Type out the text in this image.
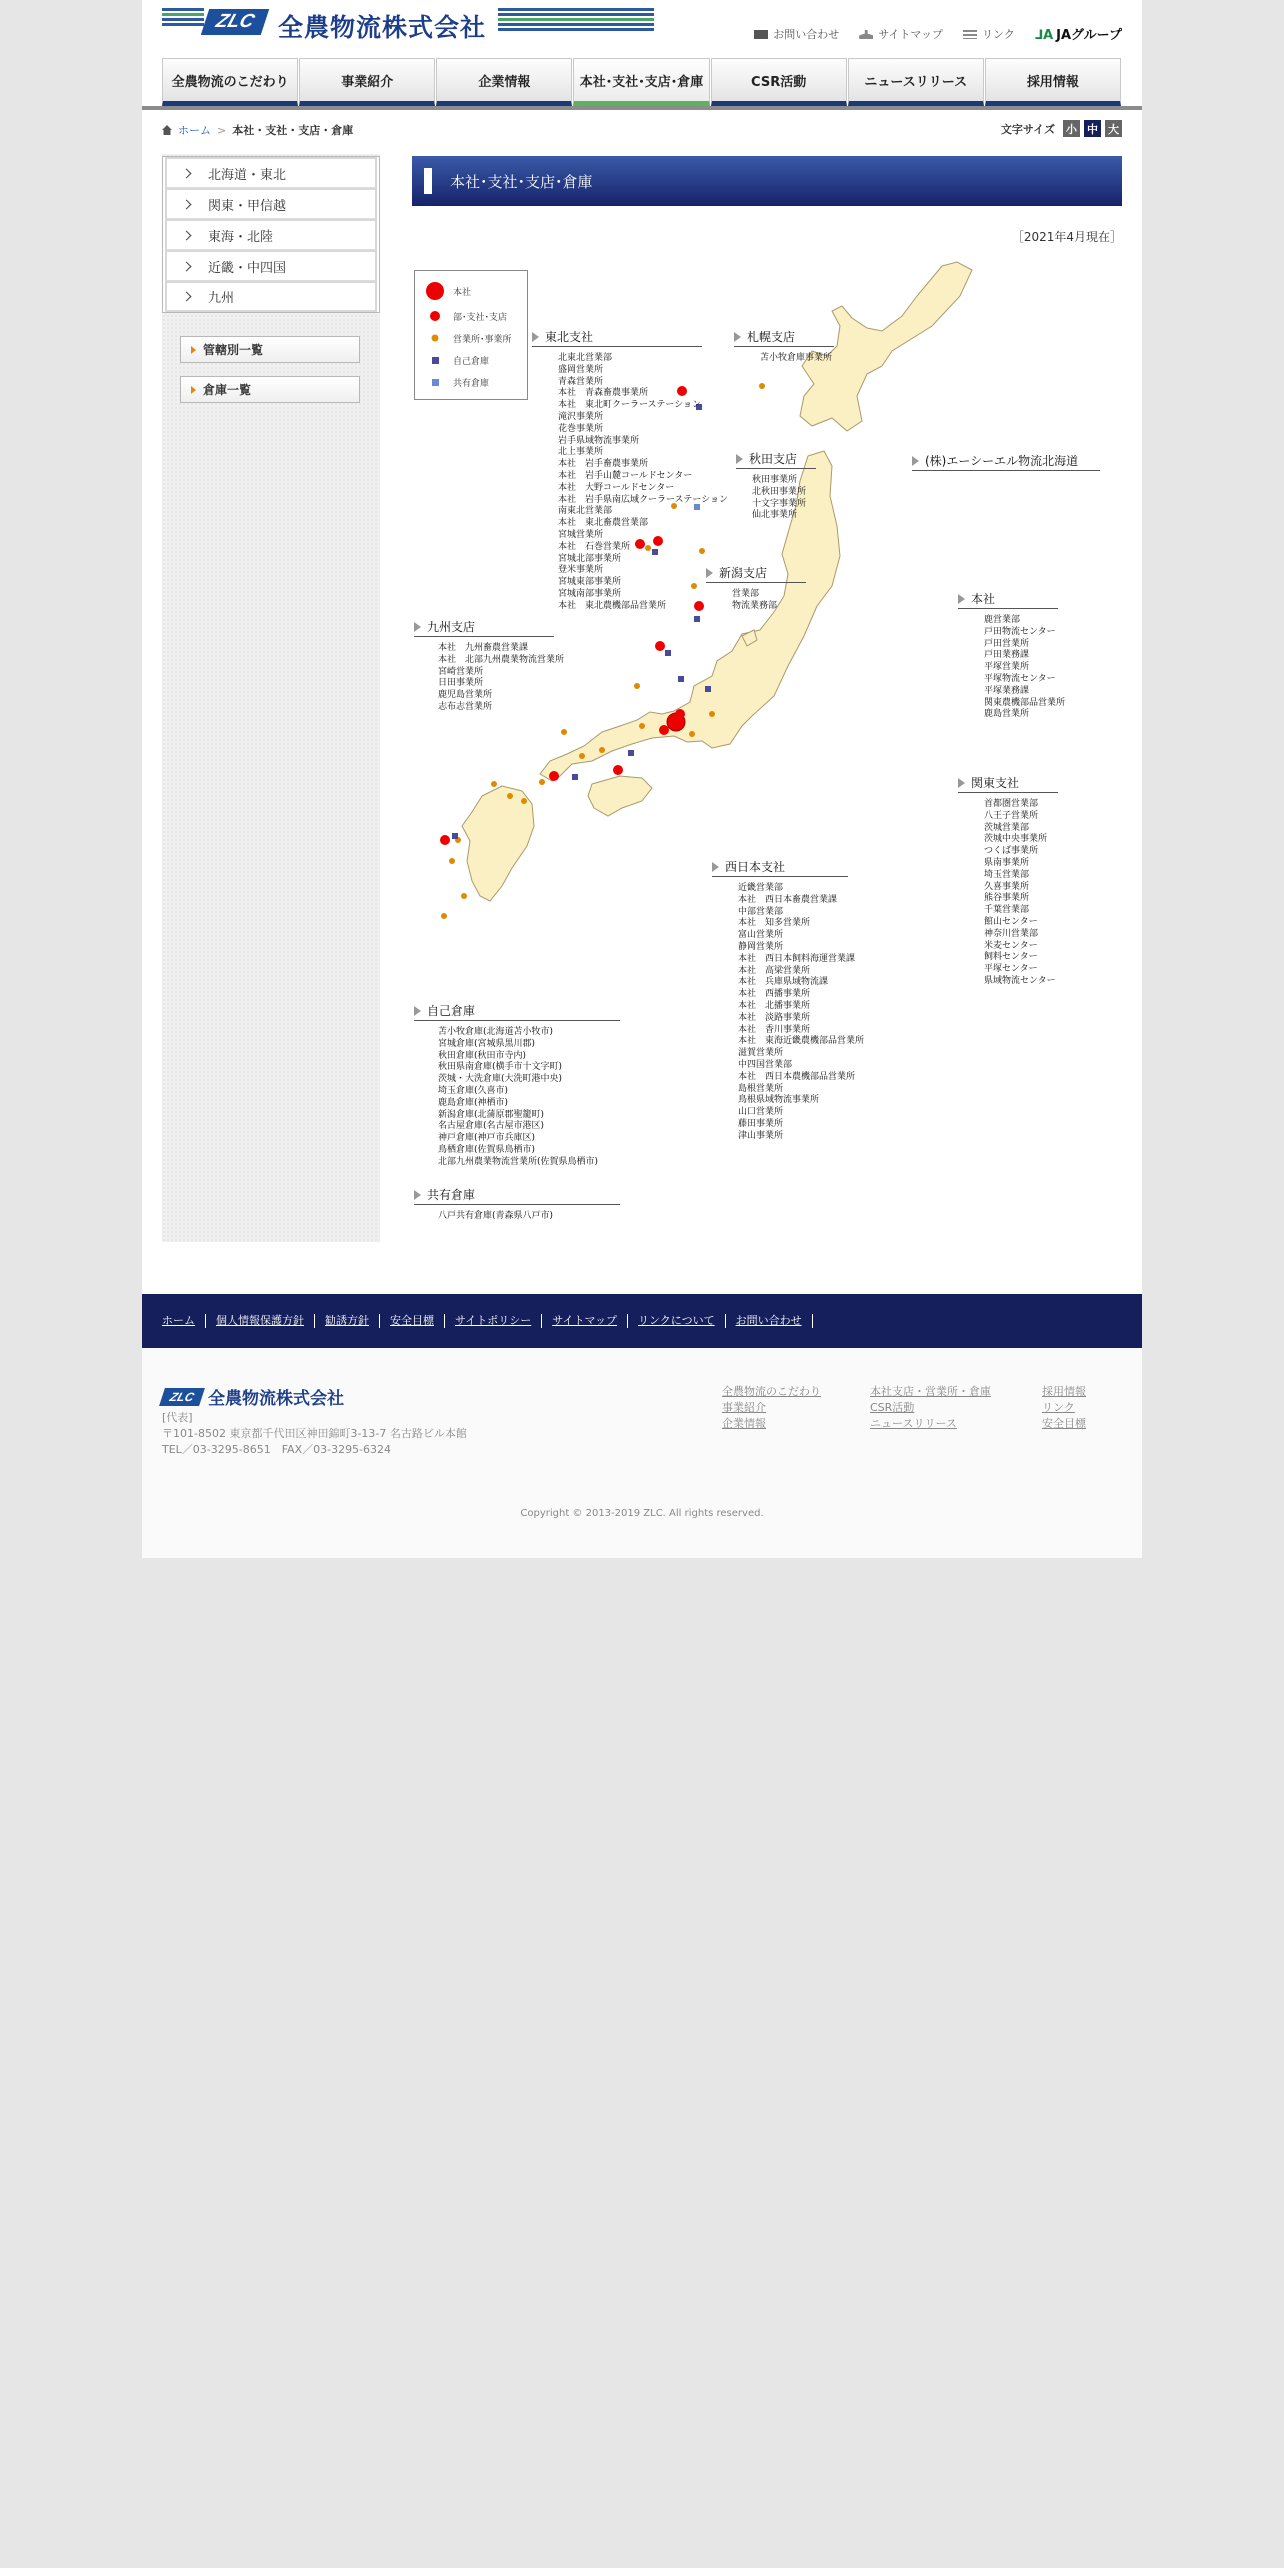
ZLC 全農物流株式会社	お問い合わせ	サイトマップ	リンク ⅃A JAグループ
全農物流のこだわり	事業紹介	企業情報	本社･支社･支店･倉庫	CSR活動	ニュースリリース	採用情報
ホーム > 本社・支社・支店・倉庫	文字サイズ 小 中 大
北海道・東北
関東・甲信越
東海・北陸
近畿・中四国
九州
管轄別一覧
倉庫一覧
本社･支社･支店･倉庫
［2021年4月現在］
本社
部･支社･支店
営業所･事業所
自己倉庫
共有倉庫
東北支社
北東北営業部
盛岡営業所
青森営業所
本社　青森畜農事業所
本社　東北町クーラーステーション
滝沢事業所
花巻事業所
岩手県域物流事業所
北上事業所
本社　岩手畜農事業所
本社　岩手山麓コールドセンター
本社　大野コールドセンター
本社　岩手県南広域クーラーステーション
南東北営業部
本社　東北畜農営業部
宮城営業所
本社　石巻営業所
宮城北部事業所
登米事業所
宮城東部事業所
宮城南部事業所
本社　東北農機部品営業所
札幌支店
苫小牧倉庫事業所
秋田支店
秋田事業所
北秋田事業所
十文字事業所
仙北事業所
(株)エーシーエル物流北海道
新潟支店
営業部
物流業務部	本社
鹿営業部
戸田物流センター
戸田営業所
戸田業務課
平塚営業所
平塚物流センター
平塚業務課
関東農機部品営業所
鹿島営業所
九州支店
本社　九州畜農営業課
本社　北部九州農業物流営業所
宮崎営業所
日田事業所
鹿児島営業所
志布志営業所
関東支社
首都圏営業部
八王子営業所
茨城営業部
茨城中央事業所
つくば事業所
県南事業所
埼玉営業部
久喜事業所
熊谷事業所
千葉営業部
館山センター
神奈川営業部
米麦センター
飼料センター
平塚センター
県域物流センター
西日本支社
近畿営業部
本社　西日本畜農営業課
中部営業部
本社　知多営業所
富山営業所
静岡営業所
本社　西日本飼料海運営業課
本社　高梁営業所
本社　兵庫県域物流課
本社　西播事業所
本社　北播事業所
本社　淡路事業所
本社　香川事業所
本社　東海近畿農機部品営業所
滋賀営業所
中四国営業部
本社　西日本農機部品営業所
島根営業所
鳥根県域物流事業所
山口営業所
藤田事業所
津山事業所
自己倉庫
苫小牧倉庫(北海道苫小牧市)
宮城倉庫(宮城県黒川郡)
秋田倉庫(秋田市寺内)
秋田県南倉庫(横手市十文字町)
茨城・大洗倉庫(大洗町港中央)
埼玉倉庫(久喜市)
鹿島倉庫(神栖市)
新潟倉庫(北蒲原郡聖籠町)
名古屋倉庫(名古屋市港区)
神戸倉庫(神戸市兵庫区)
鳥栖倉庫(佐賀県鳥栖市)
北部九州農業物流営業所(佐賀県鳥栖市)
共有倉庫
八戸共有倉庫(青森県八戸市)
ホーム	個人情報保護方針	勧誘方針	安全目標	サイトポリシー	サイトマップ	リンクについて	お問い合わせ
ZLC 全農物流株式会社
[代表]
〒101-8502 東京都千代田区神田錦町3-13-7 名古路ビル本館
TEL／03-3295-8651　FAX／03-3295-6324
全農物流のこだわり
事業紹介
企業情報
本社支店・営業所・倉庫
CSR活動
ニュースリリース
採用情報
リンク
安全目標
Copyright © 2013-2019 ZLC. All rights reserved.
